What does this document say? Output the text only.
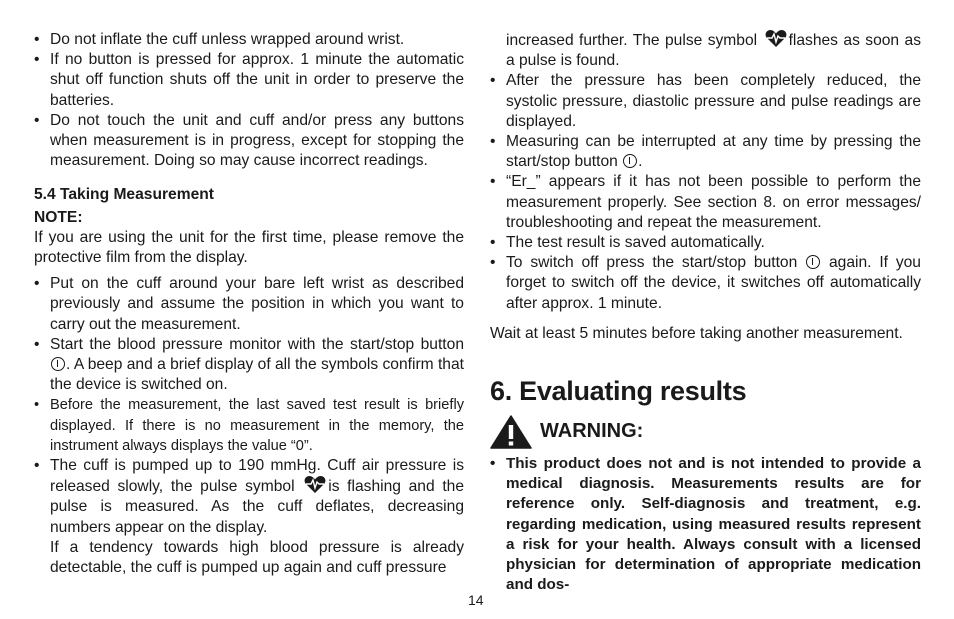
• Do not inflate the cuff unless wrapped around wrist.
• If no button is pressed for approx. 1 minute the automatic shut off function shuts off the unit in order to preserve the batteries.
• Do not touch the unit and cuff and/or press any buttons when measurement is in progress, except for stopping the measurement. Doing so may cause incorrect readings.
5.4 Taking Measurement
NOTE:

If you are using the unit for the first time, please remove the protective film from the display.

• Put on the cuff around your bare left wrist as described previously and assume the position in which you want to carry out the measurement.
• Start the blood pressure monitor with the start/stop button . A beep and a brief display of all the symbols confirm that the device is switched on.
• Before the measurement, the last saved test result is briefly displayed. If there is no measurement in the memory, the instrument always displays the value “0”.
• The cuff is pumped up to 190 mmHg. Cuff air pressure is released slowly, the pulse symbol is flashing and the pulse is measured. As the cuff deflates, decreasing numbers appear on the display.
If a tendency towards high blood pressure is already detectable, the cuff is pumped up again and cuff pressure

increased further. The pulse symbol flashes as soon as a pulse is found.

• After the pressure has been completely reduced, the systolic pressure, diastolic pressure and pulse readings are displayed.
• Measuring can be interrupted at any time by pressing the start/stop button .
• “Er_” appears if it has not been possible to perform the measurement properly. See section 8. on error messages/ troubleshooting and repeat the measurement.
• The test result is saved automatically.
• To switch off press the start/stop button again. If you forget to switch off the device, it switches off automatically after approx. 1 minute.

Wait at least 5 minutes before taking another measurement.

6. Evaluating results
WARNING:
• This product does not and is not intended to provide a medical diagnosis. Measurements results are for reference only. Self-diagnosis and treatment, e.g. regarding medication, using measured results represent a risk for your health. Always consult with a licensed physician for determination of appropriate medication and dos-
14
